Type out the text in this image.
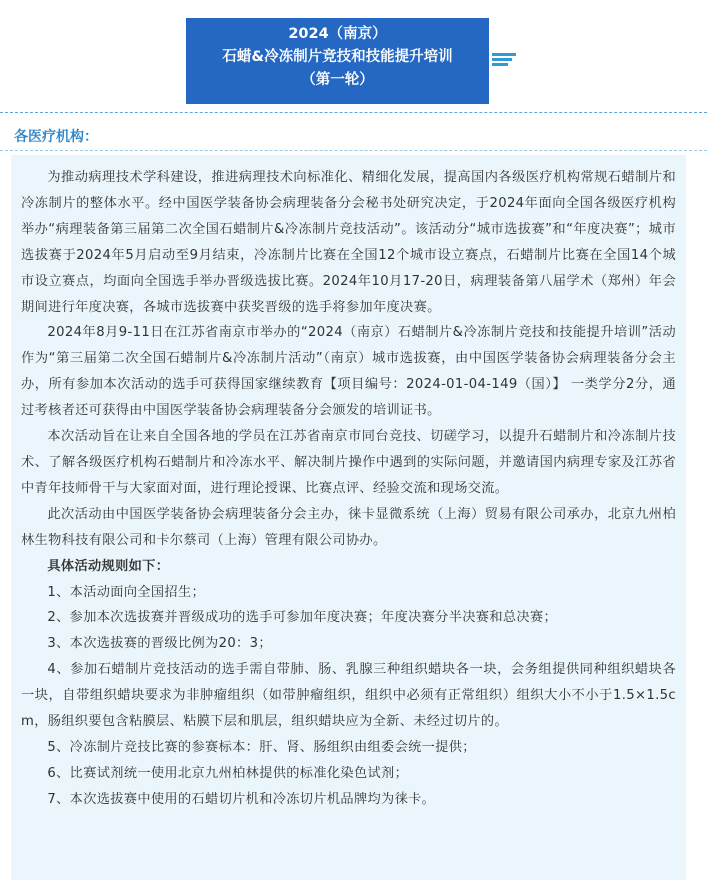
2024（南京）
石蜡&冷冻制片竞技和技能提升培训
（第一轮）
各医疗机构：

为推动病理技术学科建设，推进病理技术向标准化、精细化发展，提高国内各级医疗机构常规石蜡制片和冷冻制片的整体水平。经中国医学装备协会病理装备分会秘书处研究决定，于2024年面向全国各级医疗机构举办“病理装备第三届第二次全国石蜡制片&冷冻制片竞技活动”。该活动分“城市选拔赛”和“年度决赛”；城市选拔赛于2024年5月启动至9月结束，冷冻制片比赛在全国12个城市设立赛点，石蜡制片比赛在全国14个城市设立赛点，均面向全国选手举办晋级选拔比赛。2024年10月17-20日，病理装备第八届学术（郑州）年会期间进行年度决赛，各城市选拔赛中获奖晋级的选手将参加年度决赛。

2024年8月9-11日在江苏省南京市举办的“2024（南京）石蜡制片&冷冻制片竞技和技能提升培训”活动作为“第三届第二次全国石蜡制片&冷冻制片活动”（南京）城市选拔赛，由中国医学装备协会病理装备分会主办，所有参加本次活动的选手可获得国家继续教育【项目编号：2024-01-04-149（国）】 一类学分2分，通过考核者还可获得由中国医学装备协会病理装备分会颁发的培训证书。

本次活动旨在让来自全国各地的学员在江苏省南京市同台竞技、切磋学习，以提升石蜡制片和冷冻制片技术、了解各级医疗机构石蜡制片和冷冻水平、解决制片操作中遇到的实际问题，并邀请国内病理专家及江苏省中青年技师骨干与大家面对面，进行理论授课、比赛点评、经验交流和现场交流。

此次活动由中国医学装备协会病理装备分会主办，徕卡显微系统（上海）贸易有限公司承办，北京九州柏林生物科技有限公司和卡尔蔡司（上海）管理有限公司协办。

具体活动规则如下：

1、本活动面向全国招生；

2、参加本次选拔赛并晋级成功的选手可参加年度决赛；年度决赛分半决赛和总决赛；

3、本次选拔赛的晋级比例为20：3；

4、参加石蜡制片竞技活动的选手需自带肺、肠、乳腺三种组织蜡块各一块，会务组提供同种组织蜡块各一块，自带组织蜡块要求为非肿瘤组织（如带肿瘤组织，组织中必须有正常组织）组织大小不小于1.5×1.5cm，肠组织要包含粘膜层、粘膜下层和肌层，组织蜡块应为全新、未经过切片的。

5、冷冻制片竞技比赛的参赛标本：肝、肾、肠组织由组委会统一提供；

6、比赛试剂统一使用北京九州柏林提供的标准化染色试剂；

7、本次选拔赛中使用的石蜡切片机和冷冻切片机品牌均为徕卡。
